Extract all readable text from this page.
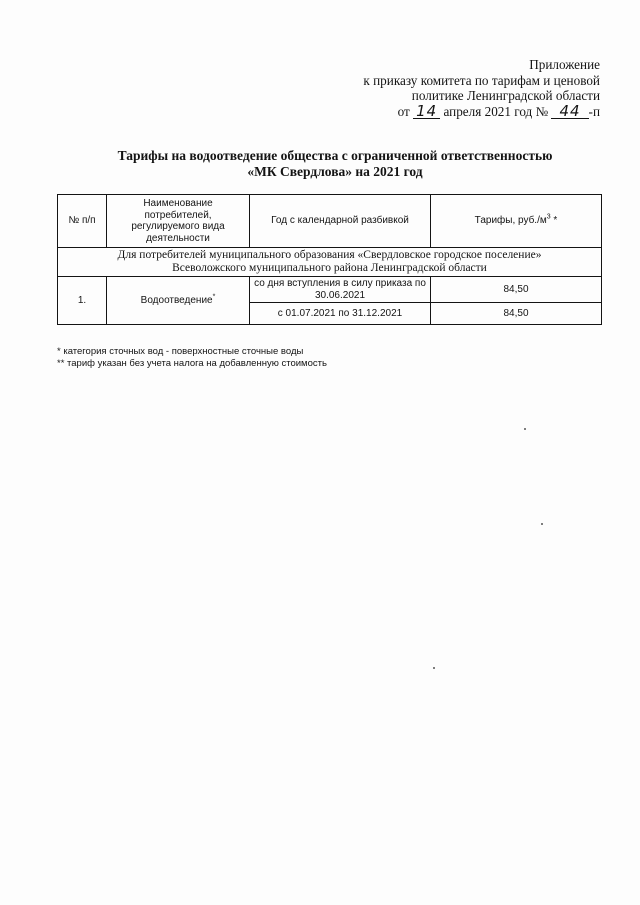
Приложение
к приказу комитета по тарифам и ценовой
политике Ленинградской области
от 14 апреля 2021 год № 44 -п
Тарифы на водоотведение общества с ограниченной ответственностью
«МК Свердлова» на 2021 год
№ п/п	Наименование потребителей, регулируемого вида деятельности	Год с календарной разбивкой	Тарифы, $руб./м^3$ *

Для потребителей муниципального образования «Свердловское городское поселение»
Всеволожского муниципального района Ленинградской области			

1.	Водоотведение*	со дня вступления в силу приказа по 30.06.2021	84,50
		с 01.07.2021 по 31.12.2021	84,50
* категория сточных вод - поверхностные сточные воды
** тариф указан без учета налога на добавленную стоимость
